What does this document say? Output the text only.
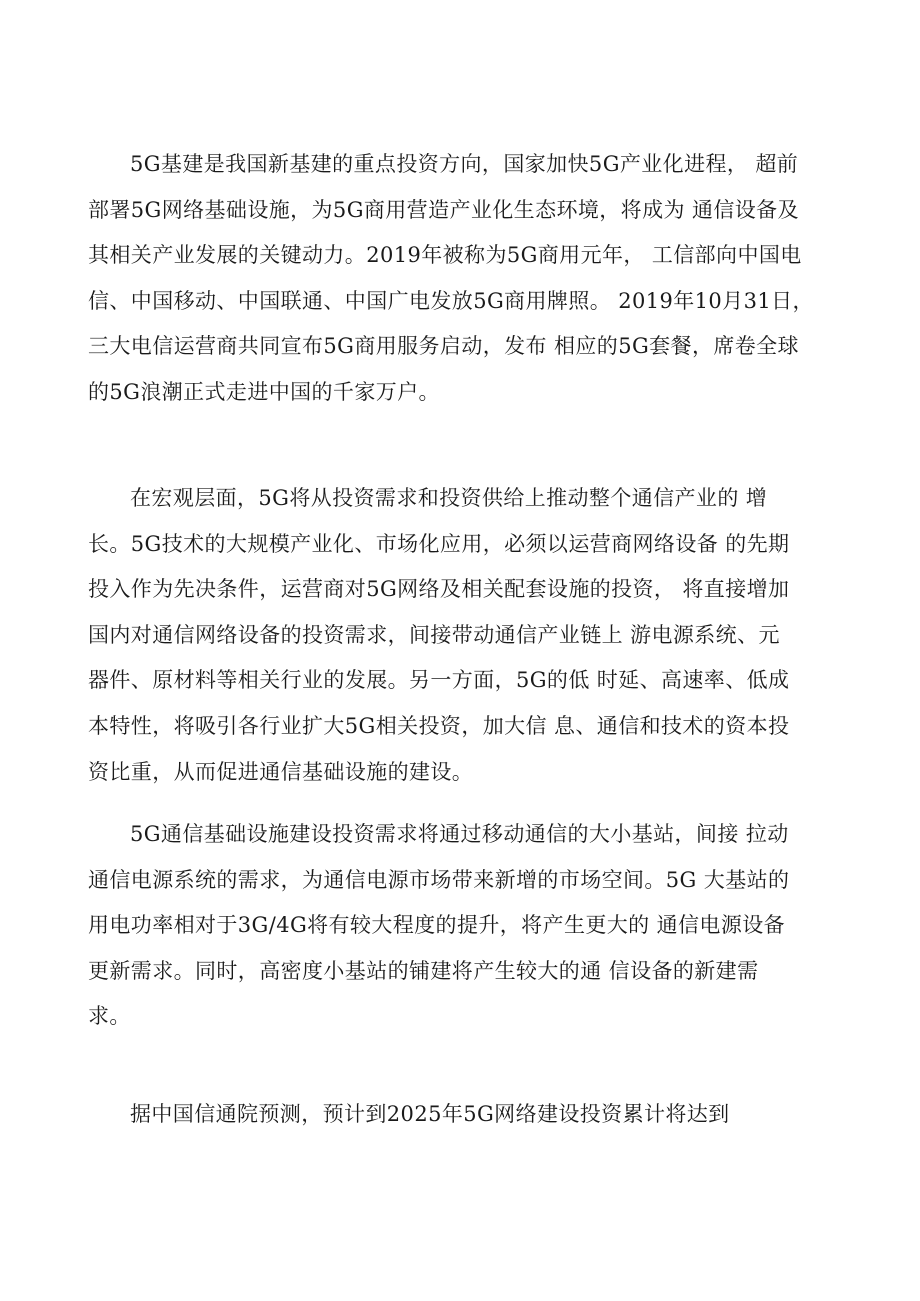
5G基建是我国新基建的重点投资方向，国家加快5G产业化进程， 超前
部署5G网络基础设施，为5G商用营造产业化生态环境，将成为 通信设备及
其相关产业发展的关键动力。2019年被称为5G商用元年， 工信部向中国电
信、中国移动、中国联通、中国广电发放5G商用牌照。 2019年10月31日，
三大电信运营商共同宣布5G商用服务启动，发布 相应的5G套餐，席卷全球
的5G浪潮正式走进中国的千家万户。
在宏观层面，5G将从投资需求和投资供给上推动整个通信产业的 增
长。5G技术的大规模产业化、市场化应用，必须以运营商网络设备 的先期
投入作为先决条件，运营商对5G网络及相关配套设施的投资， 将直接增加
国内对通信网络设备的投资需求，间接带动通信产业链上 游电源系统、元
器件、原材料等相关行业的发展。另一方面，5G的低 时延、高速率、低成
本特性，将吸引各行业扩大5G相关投资，加大信 息、通信和技术的资本投
资比重，从而促进通信基础设施的建设。
5G通信基础设施建设投资需求将通过移动通信的大小基站，间接 拉动
通信电源系统的需求，为通信电源市场带来新增的市场空间。5G 大基站的
用电功率相对于3G/4G将有较大程度的提升，将产生更大的 通信电源设备
更新需求。同时，高密度小基站的铺建将产生较大的通 信设备的新建需
求。
据中国信通院预测，预计到2025年5G网络建设投资累计将达到
